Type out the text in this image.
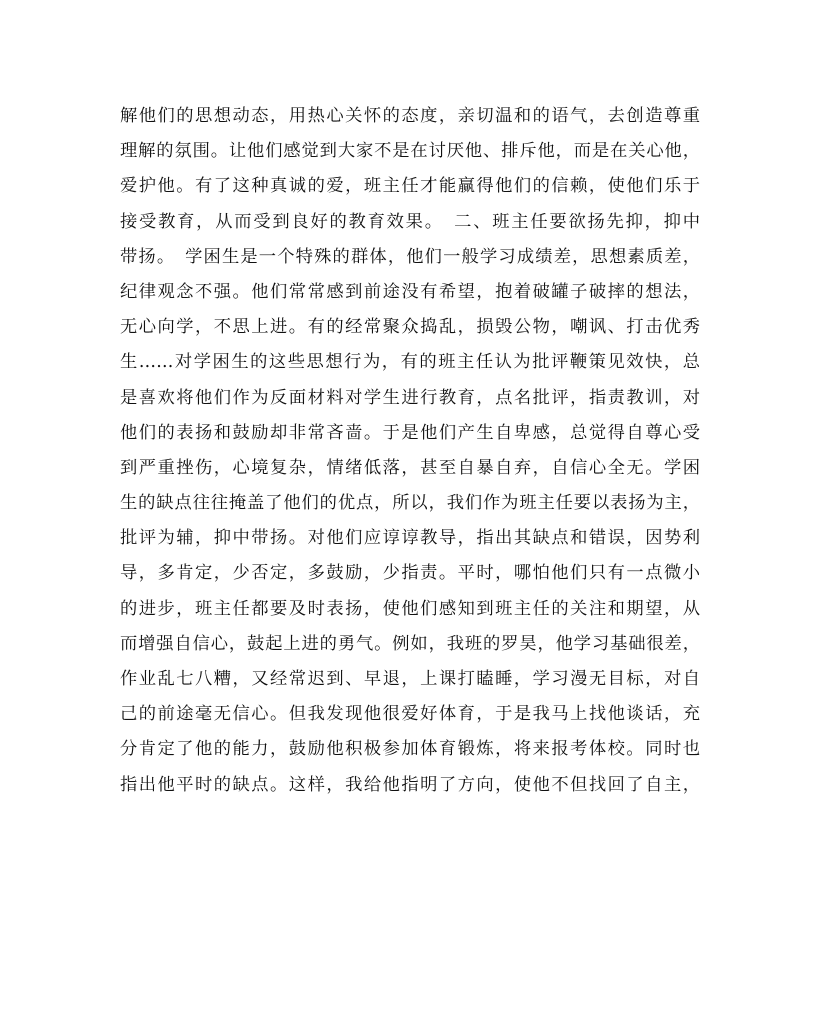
解他们的思想动态，用热心关怀的态度，亲切温和的语气，去创造尊重
理解的氛围。让他们感觉到大家不是在讨厌他、排斥他，而是在关心他，
爱护他。有了这种真诚的爱，班主任才能赢得他们的信赖，使他们乐于
接受教育，从而受到良好的教育效果。　二、班主任要欲扬先抑，抑中
带扬。　学困生是一个特殊的群体，他们一般学习成绩差，思想素质差，
纪律观念不强。他们常常感到前途没有希望，抱着破罐子破摔的想法，
无心向学，不思上进。有的经常聚众捣乱，损毁公物，嘲讽、打击优秀
生……对学困生的这些思想行为，有的班主任认为批评鞭策见效快，总
是喜欢将他们作为反面材料对学生进行教育，点名批评，指责教训，对
他们的表扬和鼓励却非常吝啬。于是他们产生自卑感，总觉得自尊心受
到严重挫伤，心境复杂，情绪低落，甚至自暴自弃，自信心全无。学困
生的缺点往往掩盖了他们的优点，所以，我们作为班主任要以表扬为主，
批评为辅，抑中带扬。对他们应谆谆教导，指出其缺点和错误，因势利
导，多肯定，少否定，多鼓励，少指责。平时，哪怕他们只有一点微小
的进步，班主任都要及时表扬，使他们感知到班主任的关注和期望，从
而增强自信心，鼓起上进的勇气。例如，我班的罗昊，他学习基础很差，
作业乱七八糟，又经常迟到、早退，上课打瞌睡，学习漫无目标，对自
己的前途毫无信心。但我发现他很爱好体育，于是我马上找他谈话，充
分肯定了他的能力，鼓励他积极参加体育锻炼，将来报考体校。同时也
指出他平时的缺点。这样，我给他指明了方向，使他不但找回了自主，
